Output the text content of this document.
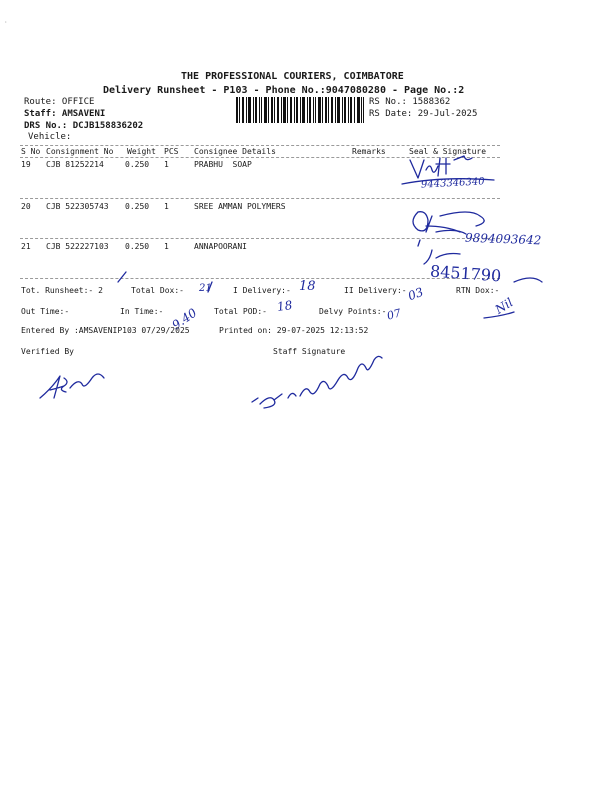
THE PROFESSIONAL COURIERS, COIMBATORE
Delivery Runsheet - P103 - Phone No.:9047080280 - Page No.:2
Route: OFFICE
Staff: AMSAVENI
DRS No.: DCJB158836202
Vehicle:
RS No.: 1588362
RS Date: 29-Jul-2025
S No Consignment No Weight PCS Consignee Details	Remarks	Seal & Signature
19 CJB 81252214	0.250 1	PRABHU  SOAP
20 CJB 522305743 0.250 1	SREE AMMAN POLYMERS
21 CJB 522227103 0.250 1	ANNAPOORANI
Tot. Runsheet:- 2	Total Dox:- 21	I Delivery:- 18	II Delivery:- 03	RTN Dox:-
Nil
Out Time:-	In Time:- 9.40 Total POD:- 18	Delvy Points:- 07
Entered By :AMSAVENIP103 07/29/2025	Printed on: 29-07-2025 12:13:52
Verified By	Staff Signature
9443346340
9894093642
8451790
·
